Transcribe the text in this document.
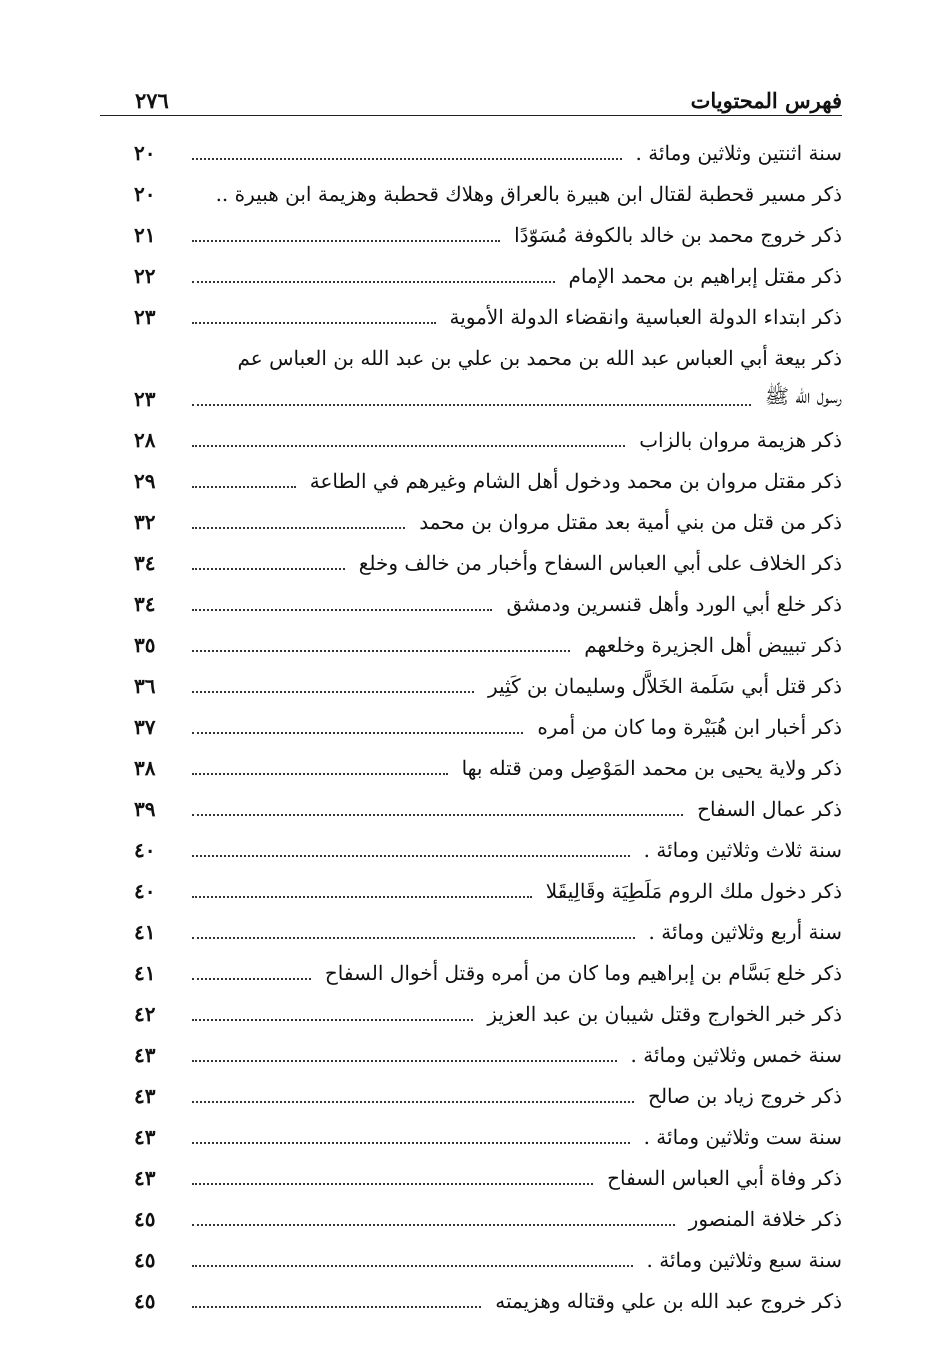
فهرس المحتويات
٢٧٦
سنة اثنتين وثلاثين ومائة .
٢٠
ذكر مسير قحطبة لقتال ابن هبيرة بالعراق وهلاك قحطبة وهزيمة ابن هبيرة ..
٢٠
ذكر خروج محمد بن خالد بالكوفة مُسَوّدًا
٢١
ذكر مقتل إبراهيم بن محمد الإمام
٢٢
ذكر ابتداء الدولة العباسية وانقضاء الدولة الأموية
٢٣
ذكر بيعة أبي العباس عبد الله بن محمد بن علي بن عبد الله بن العباس عم
رسول الله ﷺ
٢٣
ذكر هزيمة مروان بالزاب
٢٨
ذكر مقتل مروان بن محمد ودخول أهل الشام وغيرهم في الطاعة
٢٩
ذكر من قتل من بني أمية بعد مقتل مروان بن محمد
٣٢
ذكر الخلاف على أبي العباس السفاح وأخبار من خالف وخلع
٣٤
ذكر خلع أبي الورد وأهل قنسرين ودمشق
٣٤
ذكر تبييض أهل الجزيرة وخلعهم
٣٥
ذكر قتل أبي سَلَمة الخَلاَّل وسليمان بن كَثِير
٣٦
ذكر أخبار ابن هُبَيْرة وما كان من أمره
٣٧
ذكر ولاية يحيى بن محمد المَوْصِل ومن قتله بها
٣٨
ذكر عمال السفاح
٣٩
سنة ثلاث وثلاثين ومائة .
٤٠
ذكر دخول ملك الروم مَلَطِيَة وقَالِيقَلا
٤٠
سنة أربع وثلاثين ومائة .
٤١
ذكر خلع بَسَّام بن إبراهيم وما كان من أمره وقتل أخوال السفاح
٤١
ذكر خبر الخوارج وقتل شيبان بن عبد العزيز
٤٢
سنة خمس وثلاثين ومائة .
٤٣
ذكر خروج زياد بن صالح
٤٣
سنة ست وثلاثين ومائة .
٤٣
ذكر وفاة أبي العباس السفاح
٤٣
ذكر خلافة المنصور
٤٥
سنة سبع وثلاثين ومائة .
٤٥
ذكر خروج عبد الله بن علي وقتاله وهزيمته
٤٥
